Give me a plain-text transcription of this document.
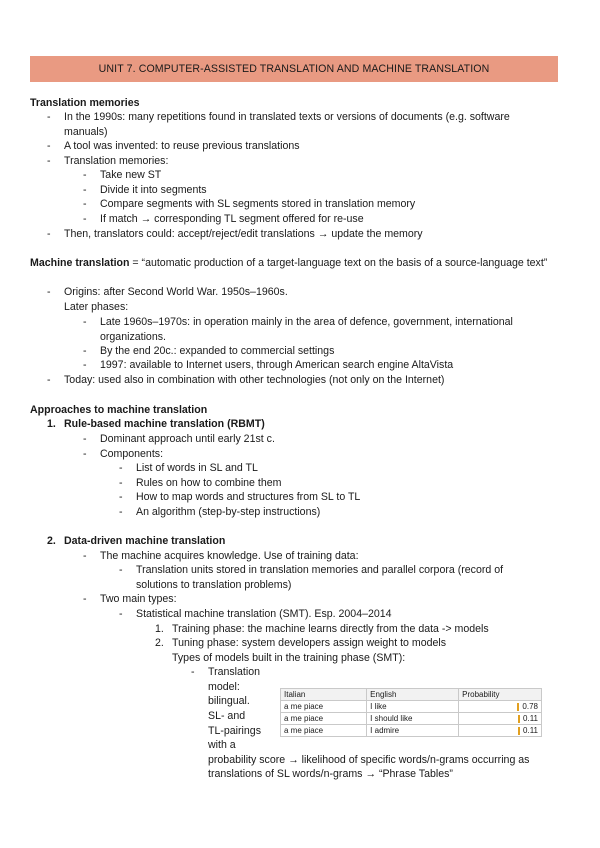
UNIT 7. COMPUTER-ASSISTED TRANSLATION AND MACHINE TRANSLATION
Translation memories
- In the 1990s: many repetitions found in translated texts or versions of documents (e.g. software manuals)
- A tool was invented: to reuse previous translations
- Translation memories:
- Take new ST
- Divide it into segments
- Compare segments with SL segments stored in translation memory
- If match → corresponding TL segment offered for re-use
- Then, translators could: accept/reject/edit translations → update the memory
Machine translation = “automatic production of a target-language text on the basis of a source-language text”
- Origins: after Second World War. 1950s–1960s.
Later phases:
- Late 1960s–1970s: in operation mainly in the area of defence, government, international organizations.
- By the end 20c.: expanded to commercial settings
- 1997: available to Internet users, through American search engine AltaVista
- Today: used also in combination with other technologies (not only on the Internet)
Approaches to machine translation
1. Rule-based machine translation (RBMT)
- Dominant approach until early 21st c.
- Components:
- List of words in SL and TL
- Rules on how to combine them
- How to map words and structures from SL to TL
- An algorithm (step-by-step instructions)
2. Data-driven machine translation
- The machine acquires knowledge. Use of training data:
- Translation units stored in translation memories and parallel corpora (record of solutions to translation problems)
- Two main types:
- Statistical machine translation (SMT). Esp. 2004–2014
1. Training phase: the machine learns directly from the data -> models
2. Tuning phase: system developers assign weight to models
Types of models built in the training phase (SMT):
- Translation
model:
bilingual.
SL- and
TL-pairings
with a
probability score → likelihood of specific words/n-grams occurring as
translations of SL words/n-grams → “Phrase Tables”
Italian	English	Probability
a me piace	I like	0.78
a me piace	I should like	0.11
a me piace	I admire	0.11
